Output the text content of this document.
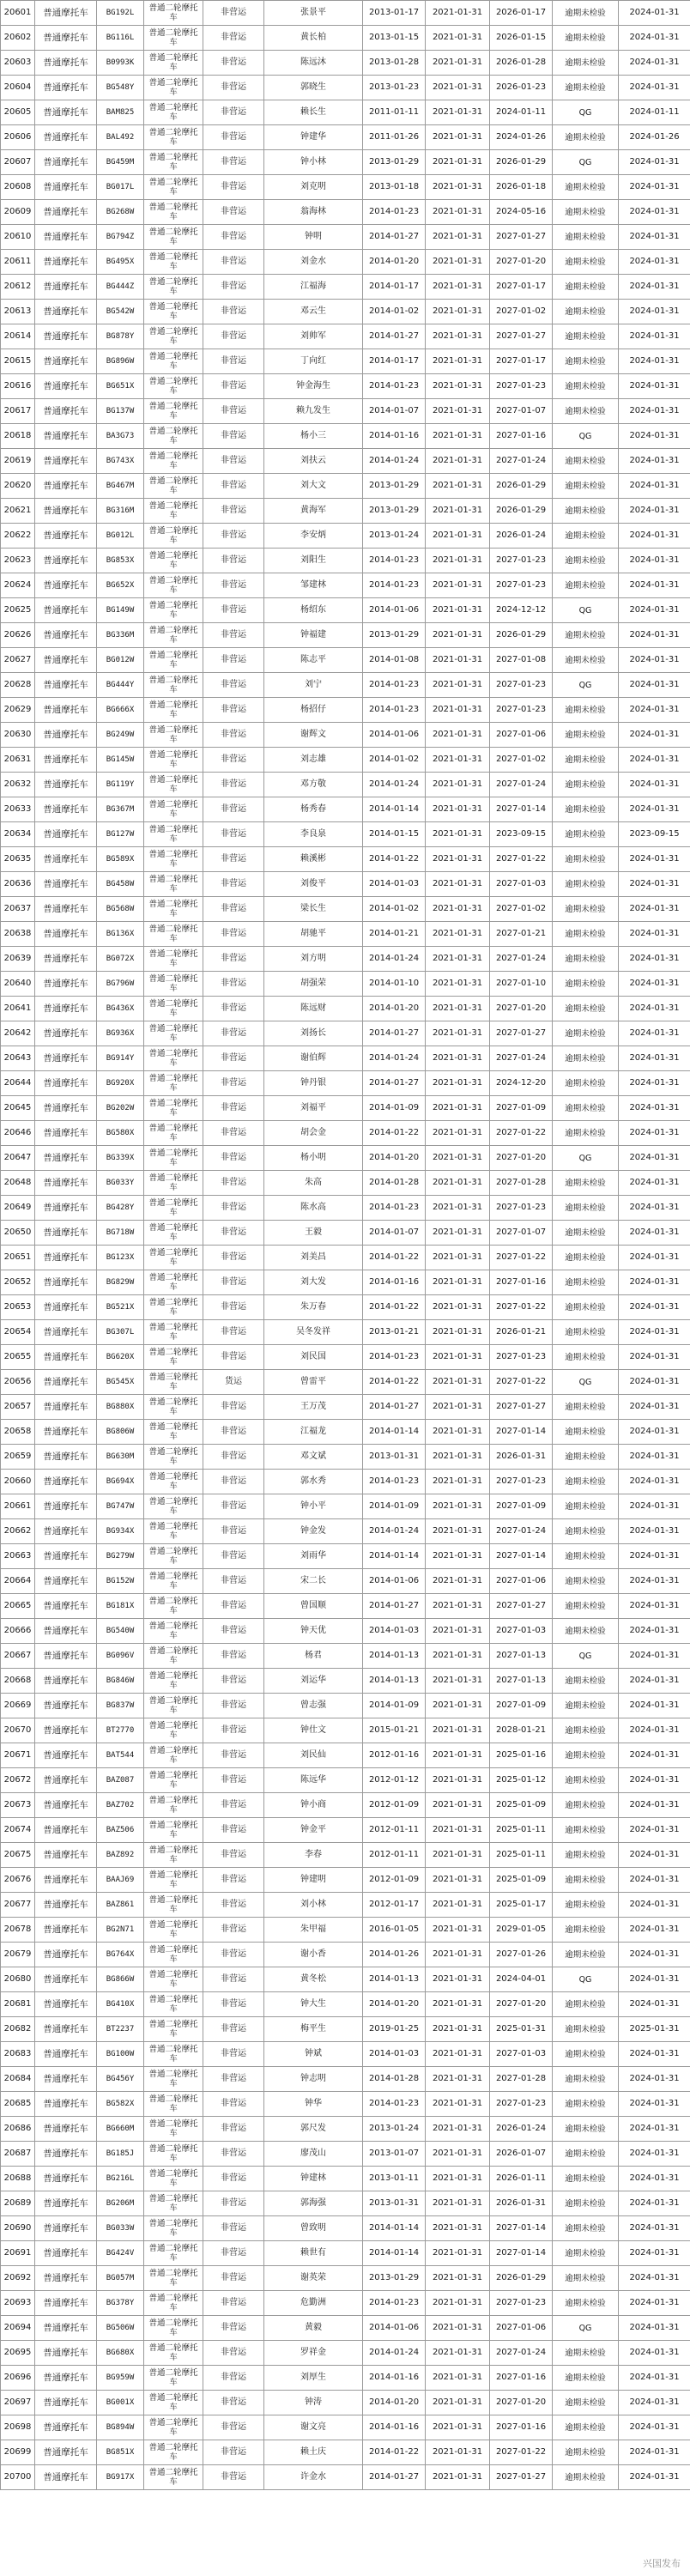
20601	普通摩托车	BG192L	普通二轮摩托车	非营运	张景平	2013-01-17	2021-01-31	2026-01-17	逾期未检验	2024-01-31
20602	普通摩托车	BG116L	普通二轮摩托车	非营运	黄长柏	2013-01-15	2021-01-31	2026-01-15	逾期未检验	2024-01-31
20603	普通摩托车	B0993K	普通二轮摩托车	非营运	陈远沐	2013-01-28	2021-01-31	2026-01-28	逾期未检验	2024-01-31
20604	普通摩托车	BG548Y	普通二轮摩托车	非营运	郭晓生	2013-01-23	2021-01-31	2026-01-23	逾期未检验	2024-01-31
20605	普通摩托车	BAM825	普通二轮摩托车	非营运	赖长生	2011-01-11	2021-01-31	2024-01-11	QG	2024-01-11
20606	普通摩托车	BAL492	普通二轮摩托车	非营运	钟建华	2011-01-26	2021-01-31	2024-01-26	逾期未检验	2024-01-26
20607	普通摩托车	BG459M	普通二轮摩托车	非营运	钟小林	2013-01-29	2021-01-31	2026-01-29	QG	2024-01-31
20608	普通摩托车	BG017L	普通二轮摩托车	非营运	刘克明	2013-01-18	2021-01-31	2026-01-18	逾期未检验	2024-01-31
20609	普通摩托车	BG268W	普通二轮摩托车	非营运	翁海林	2014-01-23	2021-01-31	2024-05-16	逾期未检验	2024-01-31
20610	普通摩托车	BG794Z	普通二轮摩托车	非营运	钟明	2014-01-27	2021-01-31	2027-01-27	逾期未检验	2024-01-31
20611	普通摩托车	BG495X	普通二轮摩托车	非营运	刘金水	2014-01-20	2021-01-31	2027-01-20	逾期未检验	2024-01-31
20612	普通摩托车	BG444Z	普通二轮摩托车	非营运	江福海	2014-01-17	2021-01-31	2027-01-17	逾期未检验	2024-01-31
20613	普通摩托车	BG542W	普通二轮摩托车	非营运	邓云生	2014-01-02	2021-01-31	2027-01-02	逾期未检验	2024-01-31
20614	普通摩托车	BG878Y	普通二轮摩托车	非营运	刘帅军	2014-01-27	2021-01-31	2027-01-27	逾期未检验	2024-01-31
20615	普通摩托车	BG896W	普通二轮摩托车	非营运	丁向红	2014-01-17	2021-01-31	2027-01-17	逾期未检验	2024-01-31
20616	普通摩托车	BG651X	普通二轮摩托车	非营运	钟金海生	2014-01-23	2021-01-31	2027-01-23	逾期未检验	2024-01-31
20617	普通摩托车	BG137W	普通二轮摩托车	非营运	赖九发生	2014-01-07	2021-01-31	2027-01-07	逾期未检验	2024-01-31
20618	普通摩托车	BA3G73	普通二轮摩托车	非营运	杨小三	2014-01-16	2021-01-31	2027-01-16	QG	2024-01-31
20619	普通摩托车	BG743X	普通二轮摩托车	非营运	刘扶云	2014-01-24	2021-01-31	2027-01-24	逾期未检验	2024-01-31
20620	普通摩托车	BG467M	普通二轮摩托车	非营运	刘大文	2013-01-29	2021-01-31	2026-01-29	逾期未检验	2024-01-31
20621	普通摩托车	BG316M	普通二轮摩托车	非营运	黄海军	2013-01-29	2021-01-31	2026-01-29	逾期未检验	2024-01-31
20622	普通摩托车	BG012L	普通二轮摩托车	非营运	李安炳	2013-01-24	2021-01-31	2026-01-24	逾期未检验	2024-01-31
20623	普通摩托车	BG853X	普通二轮摩托车	非营运	刘阳生	2014-01-23	2021-01-31	2027-01-23	逾期未检验	2024-01-31
20624	普通摩托车	BG652X	普通二轮摩托车	非营运	邹建林	2014-01-23	2021-01-31	2027-01-23	逾期未检验	2024-01-31
20625	普通摩托车	BG149W	普通二轮摩托车	非营运	杨绍东	2014-01-06	2021-01-31	2024-12-12	QG	2024-01-31
20626	普通摩托车	BG336M	普通二轮摩托车	非营运	钟福建	2013-01-29	2021-01-31	2026-01-29	逾期未检验	2024-01-31
20627	普通摩托车	BG012W	普通二轮摩托车	非营运	陈志平	2014-01-08	2021-01-31	2027-01-08	逾期未检验	2024-01-31
20628	普通摩托车	BG444Y	普通二轮摩托车	非营运	刘宁	2014-01-23	2021-01-31	2027-01-23	QG	2024-01-31
20629	普通摩托车	BG666X	普通二轮摩托车	非营运	杨招仔	2014-01-23	2021-01-31	2027-01-23	逾期未检验	2024-01-31
20630	普通摩托车	BG249W	普通二轮摩托车	非营运	谢辉文	2014-01-06	2021-01-31	2027-01-06	逾期未检验	2024-01-31
20631	普通摩托车	BG145W	普通二轮摩托车	非营运	刘志雄	2014-01-02	2021-01-31	2027-01-02	逾期未检验	2024-01-31
20632	普通摩托车	BG119Y	普通二轮摩托车	非营运	邓方敬	2014-01-24	2021-01-31	2027-01-24	逾期未检验	2024-01-31
20633	普通摩托车	BG367M	普通二轮摩托车	非营运	杨秀春	2014-01-14	2021-01-31	2027-01-14	逾期未检验	2024-01-31
20634	普通摩托车	BG127W	普通二轮摩托车	非营运	李良泉	2014-01-15	2021-01-31	2023-09-15	逾期未检验	2023-09-15
20635	普通摩托车	BG589X	普通二轮摩托车	非营运	赖溪彬	2014-01-22	2021-01-31	2027-01-22	逾期未检验	2024-01-31
20636	普通摩托车	BG458W	普通二轮摩托车	非营运	刘俊平	2014-01-03	2021-01-31	2027-01-03	逾期未检验	2024-01-31
20637	普通摩托车	BG568W	普通二轮摩托车	非营运	梁长生	2014-01-02	2021-01-31	2027-01-02	逾期未检验	2024-01-31
20638	普通摩托车	BG136X	普通二轮摩托车	非营运	胡驰平	2014-01-21	2021-01-31	2027-01-21	逾期未检验	2024-01-31
20639	普通摩托车	BG072X	普通二轮摩托车	非营运	刘方明	2014-01-24	2021-01-31	2027-01-24	逾期未检验	2024-01-31
20640	普通摩托车	BG796W	普通二轮摩托车	非营运	胡强荣	2014-01-10	2021-01-31	2027-01-10	逾期未检验	2024-01-31
20641	普通摩托车	BG436X	普通二轮摩托车	非营运	陈远财	2014-01-20	2021-01-31	2027-01-20	逾期未检验	2024-01-31
20642	普通摩托车	BG936X	普通二轮摩托车	非营运	刘扬长	2014-01-27	2021-01-31	2027-01-27	逾期未检验	2024-01-31
20643	普通摩托车	BG914Y	普通二轮摩托车	非营运	谢伯辉	2014-01-24	2021-01-31	2027-01-24	逾期未检验	2024-01-31
20644	普通摩托车	BG920X	普通二轮摩托车	非营运	钟丹银	2014-01-27	2021-01-31	2024-12-20	逾期未检验	2024-01-31
20645	普通摩托车	BG202W	普通二轮摩托车	非营运	刘福平	2014-01-09	2021-01-31	2027-01-09	逾期未检验	2024-01-31
20646	普通摩托车	BG580X	普通二轮摩托车	非营运	胡会金	2014-01-22	2021-01-31	2027-01-22	逾期未检验	2024-01-31
20647	普通摩托车	BG339X	普通二轮摩托车	非营运	杨小明	2014-01-20	2021-01-31	2027-01-20	QG	2024-01-31
20648	普通摩托车	BG033Y	普通二轮摩托车	非营运	朱高	2014-01-28	2021-01-31	2027-01-28	逾期未检验	2024-01-31
20649	普通摩托车	BG428Y	普通二轮摩托车	非营运	陈水高	2014-01-23	2021-01-31	2027-01-23	逾期未检验	2024-01-31
20650	普通摩托车	BG718W	普通二轮摩托车	非营运	王毅	2014-01-07	2021-01-31	2027-01-07	逾期未检验	2024-01-31
20651	普通摩托车	BG123X	普通二轮摩托车	非营运	刘美昌	2014-01-22	2021-01-31	2027-01-22	逾期未检验	2024-01-31
20652	普通摩托车	BG829W	普通二轮摩托车	非营运	刘大发	2014-01-16	2021-01-31	2027-01-16	逾期未检验	2024-01-31
20653	普通摩托车	BG521X	普通二轮摩托车	非营运	朱万春	2014-01-22	2021-01-31	2027-01-22	逾期未检验	2024-01-31
20654	普通摩托车	BG307L	普通二轮摩托车	非营运	吴冬发祥	2013-01-21	2021-01-31	2026-01-21	逾期未检验	2024-01-31
20655	普通摩托车	BG620X	普通二轮摩托车	非营运	刘民国	2014-01-23	2021-01-31	2027-01-23	逾期未检验	2024-01-31
20656	普通摩托车	BG545X	普通三轮摩托车	货运	曾雷平	2014-01-22	2021-01-31	2027-01-22	QG	2024-01-31
20657	普通摩托车	BG880X	普通二轮摩托车	非营运	王万茂	2014-01-27	2021-01-31	2027-01-27	逾期未检验	2024-01-31
20658	普通摩托车	BG806W	普通二轮摩托车	非营运	江福龙	2014-01-14	2021-01-31	2027-01-14	逾期未检验	2024-01-31
20659	普通摩托车	BG630M	普通二轮摩托车	非营运	邓文斌	2013-01-31	2021-01-31	2026-01-31	逾期未检验	2024-01-31
20660	普通摩托车	BG694X	普通二轮摩托车	非营运	郭水秀	2014-01-23	2021-01-31	2027-01-23	逾期未检验	2024-01-31
20661	普通摩托车	BG747W	普通二轮摩托车	非营运	钟小平	2014-01-09	2021-01-31	2027-01-09	逾期未检验	2024-01-31
20662	普通摩托车	BG934X	普通二轮摩托车	非营运	钟金发	2014-01-24	2021-01-31	2027-01-24	逾期未检验	2024-01-31
20663	普通摩托车	BG279W	普通二轮摩托车	非营运	刘雨华	2014-01-14	2021-01-31	2027-01-14	逾期未检验	2024-01-31
20664	普通摩托车	BG152W	普通二轮摩托车	非营运	宋二长	2014-01-06	2021-01-31	2027-01-06	逾期未检验	2024-01-31
20665	普通摩托车	BG181X	普通二轮摩托车	非营运	曾国顺	2014-01-27	2021-01-31	2027-01-27	逾期未检验	2024-01-31
20666	普通摩托车	BG540W	普通二轮摩托车	非营运	钟天优	2014-01-03	2021-01-31	2027-01-03	逾期未检验	2024-01-31
20667	普通摩托车	BG096V	普通二轮摩托车	非营运	杨君	2014-01-13	2021-01-31	2027-01-13	QG	2024-01-31
20668	普通摩托车	BG846W	普通二轮摩托车	非营运	刘运华	2014-01-13	2021-01-31	2027-01-13	逾期未检验	2024-01-31
20669	普通摩托车	BG837W	普通二轮摩托车	非营运	曾志强	2014-01-09	2021-01-31	2027-01-09	逾期未检验	2024-01-31
20670	普通摩托车	BT2770	普通二轮摩托车	非营运	钟仕文	2015-01-21	2021-01-31	2028-01-21	逾期未检验	2024-01-31
20671	普通摩托车	BAT544	普通二轮摩托车	非营运	刘民仙	2012-01-16	2021-01-31	2025-01-16	逾期未检验	2024-01-31
20672	普通摩托车	BAZ087	普通二轮摩托车	非营运	陈远华	2012-01-12	2021-01-31	2025-01-12	逾期未检验	2024-01-31
20673	普通摩托车	BAZ702	普通二轮摩托车	非营运	钟小商	2012-01-09	2021-01-31	2025-01-09	逾期未检验	2024-01-31
20674	普通摩托车	BAZ506	普通二轮摩托车	非营运	钟金平	2012-01-11	2021-01-31	2025-01-11	逾期未检验	2024-01-31
20675	普通摩托车	BAZ892	普通二轮摩托车	非营运	李春	2012-01-11	2021-01-31	2025-01-11	逾期未检验	2024-01-31
20676	普通摩托车	BAAJ69	普通二轮摩托车	非营运	钟建明	2012-01-09	2021-01-31	2025-01-09	逾期未检验	2024-01-31
20677	普通摩托车	BAZ861	普通二轮摩托车	非营运	刘小林	2012-01-17	2021-01-31	2025-01-17	逾期未检验	2024-01-31
20678	普通摩托车	BG2N71	普通二轮摩托车	非营运	朱甲福	2016-01-05	2021-01-31	2029-01-05	逾期未检验	2024-01-31
20679	普通摩托车	BG764X	普通二轮摩托车	非营运	谢小香	2014-01-26	2021-01-31	2027-01-26	逾期未检验	2024-01-31
20680	普通摩托车	BG866W	普通二轮摩托车	非营运	黄冬松	2014-01-13	2021-01-31	2024-04-01	QG	2024-01-31
20681	普通摩托车	BG410X	普通二轮摩托车	非营运	钟大生	2014-01-20	2021-01-31	2027-01-20	逾期未检验	2024-01-31
20682	普通摩托车	BT2237	普通二轮摩托车	非营运	梅平生	2019-01-25	2021-01-31	2025-01-31	逾期未检验	2025-01-31
20683	普通摩托车	BG100W	普通二轮摩托车	非营运	钟斌	2014-01-03	2021-01-31	2027-01-03	逾期未检验	2024-01-31
20684	普通摩托车	BG456Y	普通二轮摩托车	非营运	钟志明	2014-01-28	2021-01-31	2027-01-28	逾期未检验	2024-01-31
20685	普通摩托车	BG582X	普通二轮摩托车	非营运	钟华	2014-01-23	2021-01-31	2027-01-23	逾期未检验	2024-01-31
20686	普通摩托车	BG660M	普通二轮摩托车	非营运	郭尺发	2013-01-24	2021-01-31	2026-01-24	逾期未检验	2024-01-31
20687	普通摩托车	BG185J	普通二轮摩托车	非营运	廖茂山	2013-01-07	2021-01-31	2026-01-07	逾期未检验	2024-01-31
20688	普通摩托车	BG216L	普通二轮摩托车	非营运	钟建林	2013-01-11	2021-01-31	2026-01-11	逾期未检验	2024-01-31
20689	普通摩托车	BG206M	普通二轮摩托车	非营运	郭海强	2013-01-31	2021-01-31	2026-01-31	逾期未检验	2024-01-31
20690	普通摩托车	BG033W	普通二轮摩托车	非营运	曾致明	2014-01-14	2021-01-31	2027-01-14	逾期未检验	2024-01-31
20691	普通摩托车	BG424V	普通二轮摩托车	非营运	赖世有	2014-01-14	2021-01-31	2027-01-14	逾期未检验	2024-01-31
20692	普通摩托车	BG057M	普通二轮摩托车	非营运	谢英荣	2013-01-29	2021-01-31	2026-01-29	逾期未检验	2024-01-31
20693	普通摩托车	BG378Y	普通二轮摩托车	非营运	危勤洲	2014-01-23	2021-01-31	2027-01-23	逾期未检验	2024-01-31
20694	普通摩托车	BG506W	普通二轮摩托车	非营运	黄毅	2014-01-06	2021-01-31	2027-01-06	QG	2024-01-31
20695	普通摩托车	BG680X	普通二轮摩托车	非营运	罗祥金	2014-01-24	2021-01-31	2027-01-24	逾期未检验	2024-01-31
20696	普通摩托车	BG959W	普通二轮摩托车	非营运	刘厚生	2014-01-16	2021-01-31	2027-01-16	逾期未检验	2024-01-31
20697	普通摩托车	BG001X	普通二轮摩托车	非营运	钟涛	2014-01-20	2021-01-31	2027-01-20	逾期未检验	2024-01-31
20698	普通摩托车	BG894W	普通二轮摩托车	非营运	谢文亮	2014-01-16	2021-01-31	2027-01-16	逾期未检验	2024-01-31
20699	普通摩托车	BG851X	普通二轮摩托车	非营运	赖土庆	2014-01-22	2021-01-31	2027-01-22	逾期未检验	2024-01-31
20700	普通摩托车	BG917X	普通二轮摩托车	非营运	许金水	2014-01-27	2021-01-31	2027-01-27	逾期未检验	2024-01-31
兴国发布
